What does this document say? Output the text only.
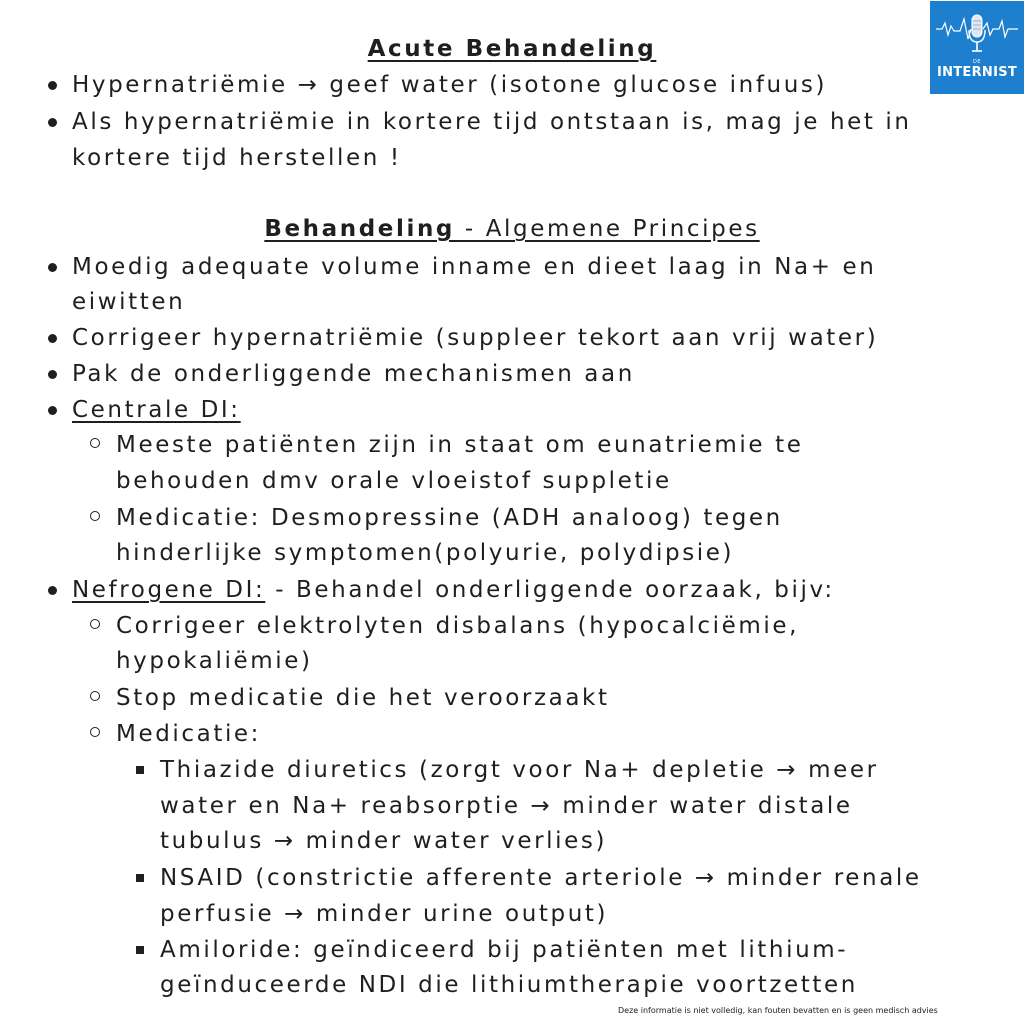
DE
INTERNIST
Acute Behandeling
Hypernatriëmie → geef water (isotone glucose infuus)
Als hypernatriëmie in kortere tijd ontstaan is, mag je het in
kortere tijd herstellen !
Behandeling - Algemene Principes
Moedig adequate volume inname en dieet laag in Na+ en
eiwitten
Corrigeer hypernatriëmie (suppleer tekort aan vrij water)
Pak de onderliggende mechanismen aan
Centrale DI:
Meeste patiënten zijn in staat om eunatriemie te
behouden dmv orale vloeistof suppletie
Medicatie: Desmopressine (ADH analoog) tegen
hinderlijke symptomen(polyurie, polydipsie)
Nefrogene DI: - Behandel onderliggende oorzaak, bijv:
Corrigeer elektrolyten disbalans (hypocalciëmie,
hypokaliëmie)
Stop medicatie die het veroorzaakt
Medicatie:
Thiazide diuretics (zorgt voor Na+ depletie → meer
water en Na+ reabsorptie → minder water distale
tubulus → minder water verlies)
NSAID (constrictie afferente arteriole → minder renale
perfusie → minder urine output)
Amiloride: geïndiceerd bij patiënten met lithium-
geïnduceerde NDI die lithiumtherapie voortzetten
Deze informatie is niet volledig, kan fouten bevatten en is geen medisch advies
